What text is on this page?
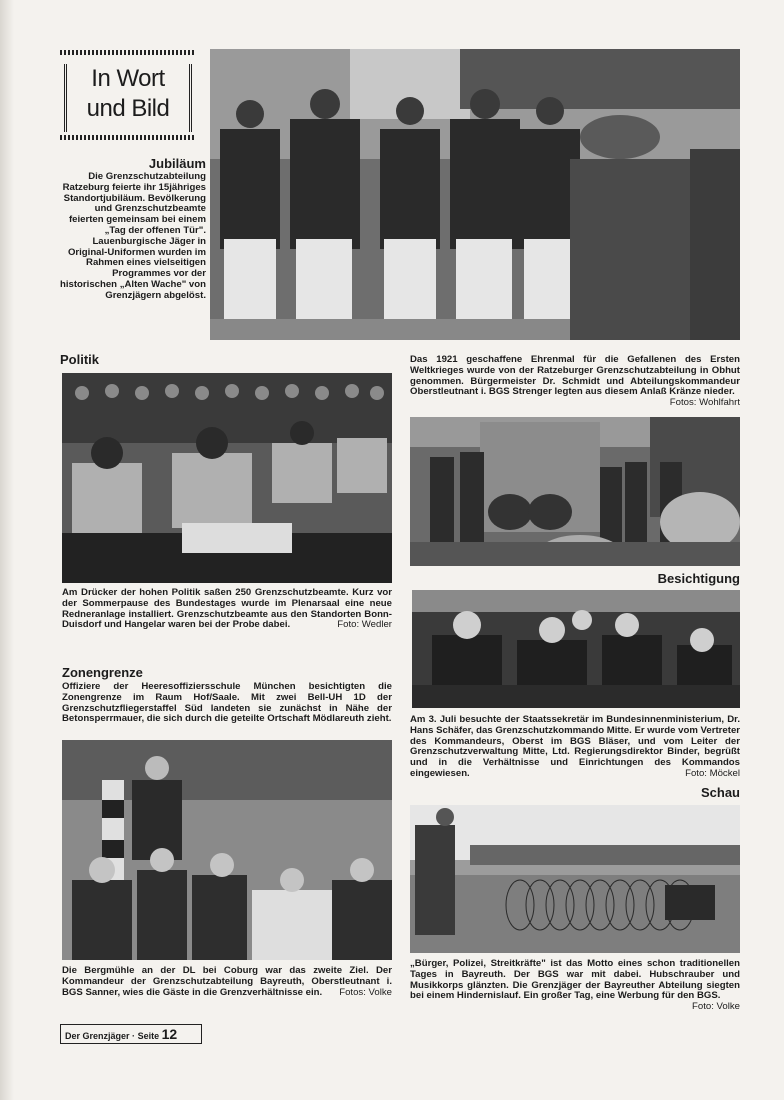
In Wort
und Bild
Jubiläum
Die Grenzschutzabteilung Ratzeburg feierte ihr 15jähriges Standortjubiläum. Bevölkerung und Grenzschutzbeamte feierten gemeinsam bei einem „Tag der offenen Tür". Lauenburgische Jäger in Original-Uniformen wurden im Rahmen eines vielseitigen Programmes vor der historischen „Alten Wache" von Grenzjägern abgelöst.
Politik
Am Drücker der hohen Politik saßen 250 Grenzschutzbeamte. Kurz vor der Sommerpause des Bundestages wurde im Plenarsaal eine neue Redneranlage installiert. Grenzschutzbeamte aus den Standorten Bonn-Duisdorf und Hangelar waren bei der Probe dabei.	Foto: Wedler
Das 1921 geschaffene Ehrenmal für die Gefallenen des Ersten Weltkrieges wurde von der Ratzeburger Grenzschutzabteilung in Obhut genommen. Bürgermeister Dr. Schmidt und Abteilungskommandeur Oberstleutnant i. BGS Strenger legten aus diesem Anlaß Kränze nieder.
Fotos: Wohlfahrt
Besichtigung
Am 3. Juli besuchte der Staatssekretär im Bundesinnenministerium, Dr. Hans Schäfer, das Grenzschutzkommando Mitte. Er wurde vom Vertreter des Kommandeurs, Oberst im BGS Bläser, und vom Leiter der Grenzschutzverwaltung Mitte, Ltd. Regierungsdirektor Binder, begrüßt und in die Verhältnisse und Einrichtungen des Kommandos eingewiesen.	Foto: Möckel
Zonengrenze
Offiziere der Heeresoffiziersschule München besichtigten die Zonengrenze im Raum Hof/Saale. Mit zwei Bell-UH 1D der Grenzschutzfliegerstaffel Süd landeten sie zunächst in Nähe der Betonsperrmauer, die sich durch die geteilte Ortschaft Mödlareuth zieht.
Die Bergmühle an der DL bei Coburg war das zweite Ziel. Der Kommandeur der Grenzschutzabteilung Bayreuth, Oberstleutnant i. BGS Sanner, wies die Gäste in die Grenzverhältnisse ein. Fotos: Volke
Schau
„Bürger, Polizei, Streitkräfte" ist das Motto eines schon traditionellen Tages in Bayreuth. Der BGS war mit dabei. Hubschrauber und Musikkorps glänzten. Die Grenzjäger der Bayreuther Abteilung siegten bei einem Hindernislauf. Ein großer Tag, eine Werbung für den BGS.
Foto: Volke
Der Grenzjäger · Seite 12
